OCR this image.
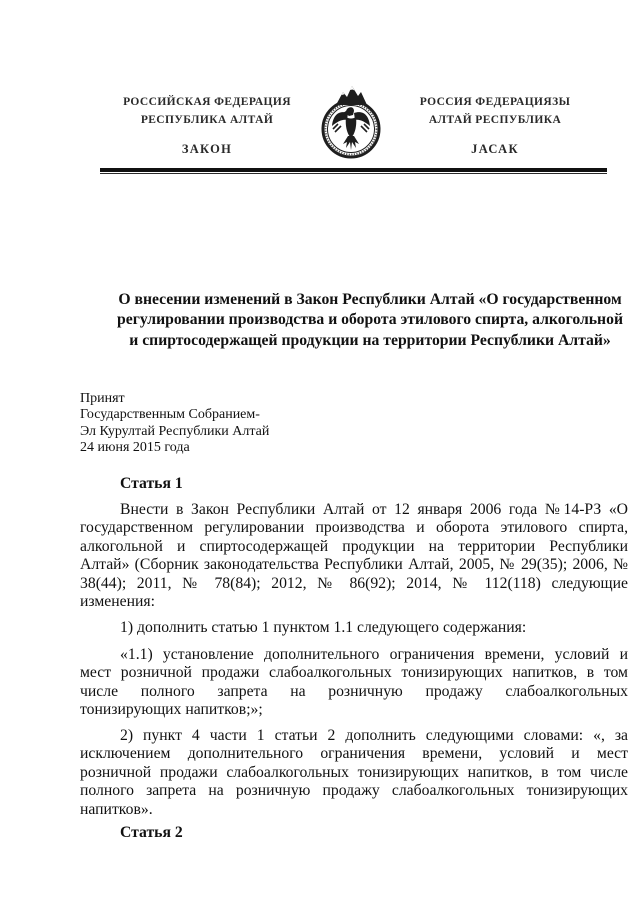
РОССИЙСКАЯ ФЕДЕРАЦИЯ
РЕСПУБЛИКА АЛТАЙ
ЗАКОН
РОССИЯ ФЕДЕРАЦИЯЗЫ
АЛТАЙ РЕСПУБЛИКА
ЈАСАК
О внесении изменений в Закон Республики Алтай «О государственном
регулировании производства и оборота этилового спирта, алкогольной
и спиртосодержащей продукции на территории Республики Алтай»
Принят
Государственным Собранием-
Эл Курултай Республики Алтай
24 июня 2015 года
Статья 1
Внести в Закон Республики Алтай от 12 января 2006 года №14-РЗ «О
государственном регулировании производства и оборота этилового спирта,
алкогольной и спиртосодержащей продукции на территории Республики
Алтай» (Сборник законодательства Республики Алтай, 2005, № 29(35); 2006, №
38(44); 2011, № 78(84); 2012, № 86(92); 2014, № 112(118) следующие
изменения:
1) дополнить статью 1 пунктом 1.1 следующего содержания:
«1.1) установление дополнительного ограничения времени, условий и
мест розничной продажи слабоалкогольных тонизирующих напитков, в том
числе полного запрета на розничную продажу слабоалкогольных
тонизирующих напитков;»;
2) пункт 4 части 1 статьи 2 дополнить следующими словами: «, за
исключением дополнительного ограничения времени, условий и мест
розничной продажи слабоалкогольных тонизирующих напитков, в том числе
полного запрета на розничную продажу слабоалкогольных тонизирующих
напитков».
Статья 2
